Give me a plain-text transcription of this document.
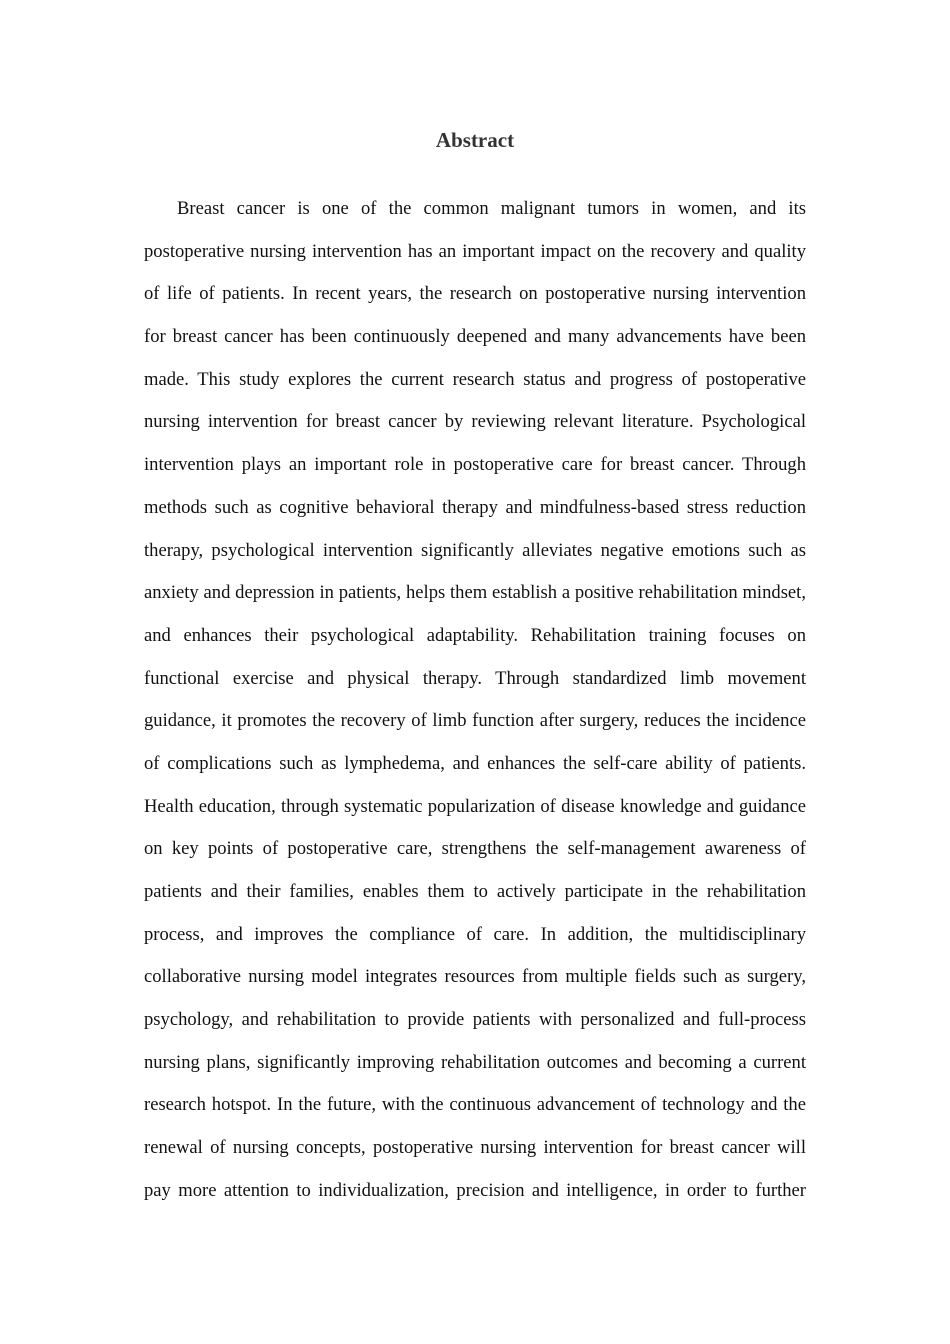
Abstract
Breast cancer is one of the common malignant tumors in women, and its
postoperative nursing intervention has an important impact on the recovery and quality
of life of patients. In recent years, the research on postoperative nursing intervention
for breast cancer has been continuously deepened and many advancements have been
made. This study explores the current research status and progress of postoperative
nursing intervention for breast cancer by reviewing relevant literature. Psychological
intervention plays an important role in postoperative care for breast cancer. Through
methods such as cognitive behavioral therapy and mindfulness-based stress reduction
therapy, psychological intervention significantly alleviates negative emotions such as
anxiety and depression in patients, helps them establish a positive rehabilitation mindset,
and enhances their psychological adaptability. Rehabilitation training focuses on
functional exercise and physical therapy. Through standardized limb movement
guidance, it promotes the recovery of limb function after surgery, reduces the incidence
of complications such as lymphedema, and enhances the self-care ability of patients.
Health education, through systematic popularization of disease knowledge and guidance
on key points of postoperative care, strengthens the self-management awareness of
patients and their families, enables them to actively participate in the rehabilitation
process, and improves the compliance of care. In addition, the multidisciplinary
collaborative nursing model integrates resources from multiple fields such as surgery,
psychology, and rehabilitation to provide patients with personalized and full-process
nursing plans, significantly improving rehabilitation outcomes and becoming a current
research hotspot. In the future, with the continuous advancement of technology and the
renewal of nursing concepts, postoperative nursing intervention for breast cancer will
pay more attention to individualization, precision and intelligence, in order to further
